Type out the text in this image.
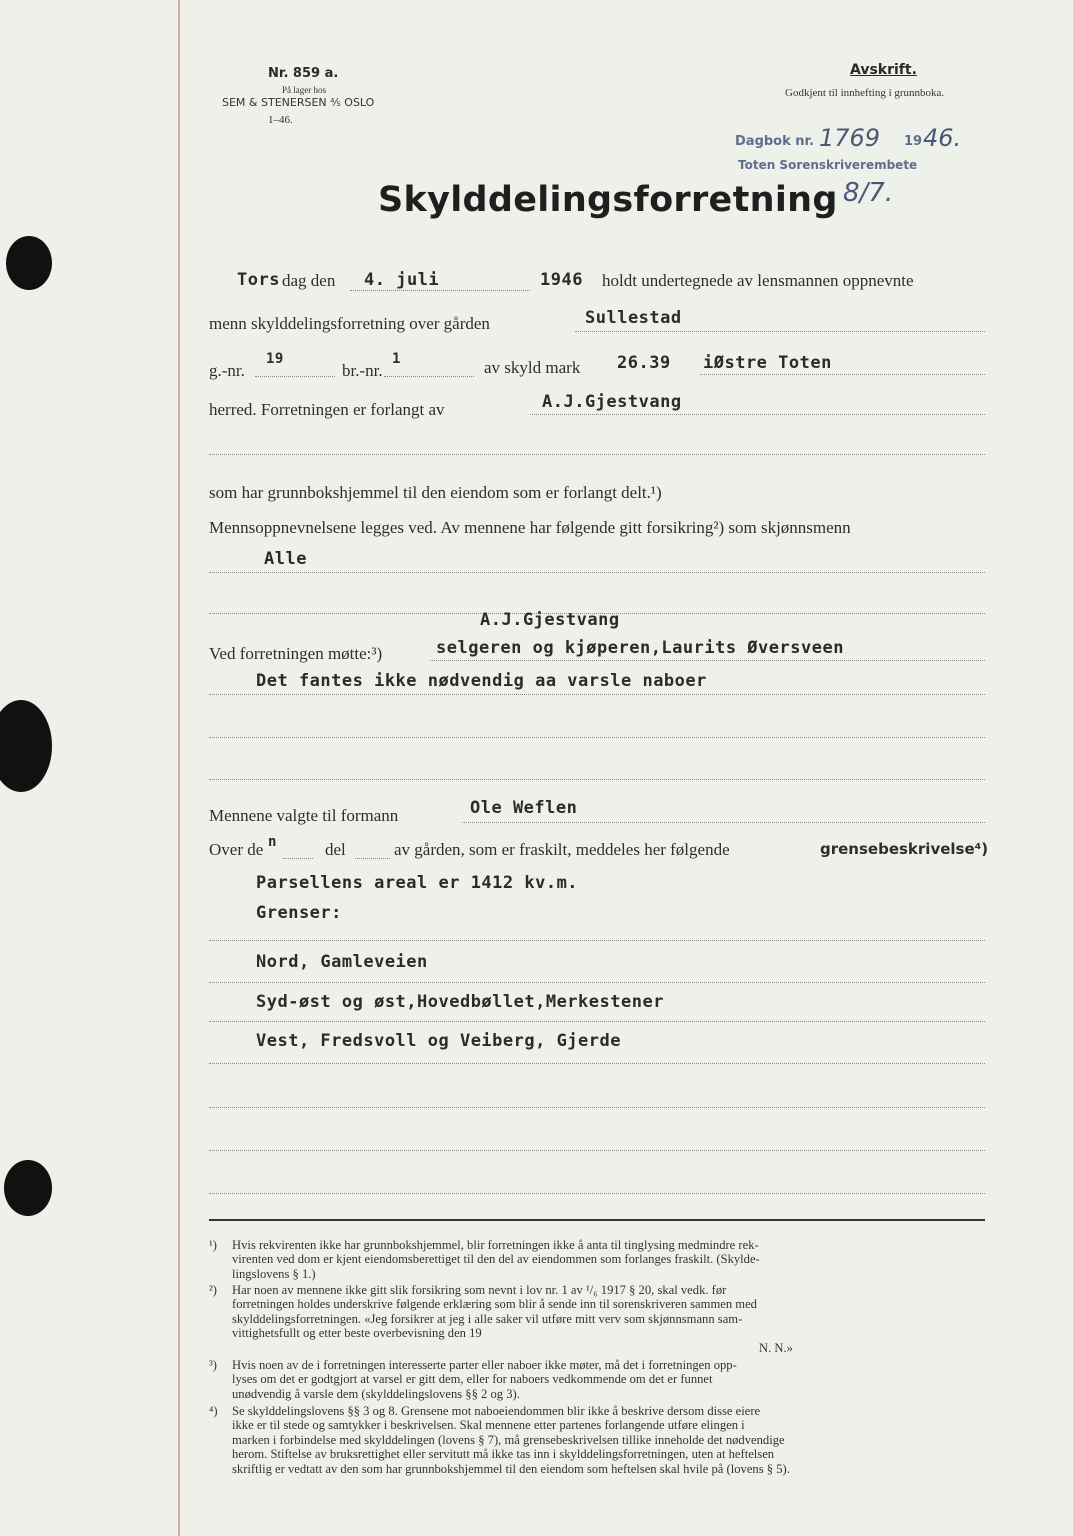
Nr. 859 a.
På lager hos
SEM & STENERSEN ⅘ OSLO
1–46.
Avskrift.
Godkjent til innhefting i grunnboka.
Dagbok nr. 1769 19 46.
Toten Sorenskriverembete
8/7.
Skylddelingsforretning
Tors dag den 4. juli	1946 holdt undertegnede av lensmannen oppnevnte
menn skylddelingsforretning over gården	Sullestad
g.-nr.
19
br.-nr.
1	av skyld mark 26.39 iØstre Toten
herred. Forretningen er forlangt av	A.J.Gjestvang
som har grunnbokshjemmel til den eiendom som er forlangt delt.¹)
Mennsoppnevnelsene legges ved. Av mennene har følgende gitt forsikring²) som skjønnsmenn
Alle
A.J.Gjestvang
Ved forretningen møtte:³)	selgeren og kjøperen,Laurits Øversveen
Det fantes ikke nødvendig aa varsle naboer
Mennene valgte til formann	Ole Weflen
Over de n	del	av gården, som er fraskilt, meddeles her følgende	grensebeskrivelse⁴)
Parsellens areal er 1412 kv.m.
Grenser:
Nord, Gamleveien
Syd-øst og øst,Hovedbøllet,Merkestener
Vest, Fredsvoll og Veiberg, Gjerde
¹)	Hvis rekvirenten ikke har grunnbokshjemmel, blir forretningen ikke å anta til tinglysing medmindre rek-
virenten ved dom er kjent eiendomsberettiget til den del av eiendommen som forlanges fraskilt. (Skylde-
lingslovens § 1.)
²)	Har noen av mennene ikke gitt slik forsikring som nevnt i lov nr. 1 av ¹/₆ 1917 § 20, skal vedk. før
forretningen holdes underskrive følgende erklæring som blir å sende inn til sorenskriveren sammen med
skylddelingsforretningen. «Jeg forsikrer at jeg i alle saker vil utføre mitt verv som skjønnsmann sam-
vittighetsfullt og etter beste overbevisning den 19
N. N.»
³)	Hvis noen av de i forretningen interesserte parter eller naboer ikke møter, må det i forretningen opp-
lyses om det er godtgjort at varsel er gitt dem, eller for naboers vedkommende om det er funnet
unødvendig å varsle dem (skylddelingslovens §§ 2 og 3).
⁴)	Se skylddelingslovens §§ 3 og 8. Grensene mot naboeiendommen blir ikke å beskrive dersom disse eiere
ikke er til stede og samtykker i beskrivelsen. Skal mennene etter partenes forlangende utføre elingen i
marken i forbindelse med skylddelingen (lovens § 7), må grensebeskrivelsen tillike inneholde det nødvendige
herom. Stiftelse av bruksrettighet eller servitutt må ikke tas inn i skylddelingsforretningen, uten at heftelsen
skriftlig er vedtatt av den som har grunnbokshjemmel til den eiendom som heftelsen skal hvile på (lovens § 5).
